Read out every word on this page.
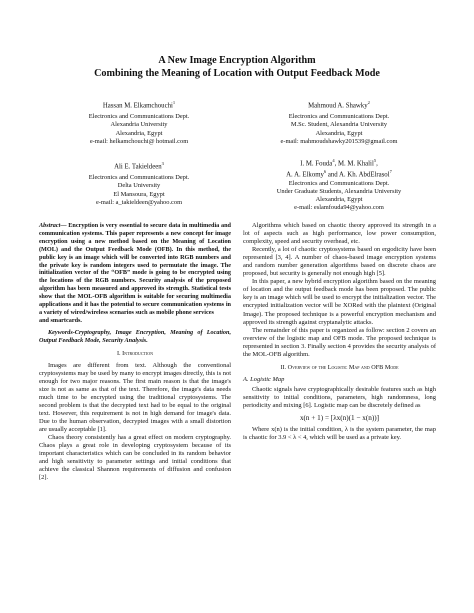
A New Image Encryption Algorithm
Combining the Meaning of Location with Output Feedback Mode
Hassan M. Elkamchouchi$^1$
Electronics and Communications Dept.
Alexandria University
Alexandria, Egypt
e-mail: helkamchouchi@ hotmail.com
Mahmoud A. Shawky$^2$
Electronics and Communications Dept.
M.Sc. Student, Alexandria University
Alexandria, Egypt
e-mail: mahmoudshawky201539@gmail.com
Ali E. Takieldeen$^3$
Electronics and Communications Dept.
Delta University
El Mansoura, Egypt
e-mail: a_takieldeen@yahoo.com
I. M. Fouda$^4$, M. M. Khalil$^5$,
A. A. Elkomy$^6$ and A. Kh. AbdElrasol$^7$
Electronics and Communications Dept.
Under Graduate Students, Alexandria University
Alexandria, Egypt
e-mail: eslamfouda94@yahoo.com

Abstract— Encryption is very essential to secure data in multimedia and communication systems. This paper represents a new concept for image encryption using a new method based on the Meaning of Location (MOL) and the Output Feedback Mode (OFB). In this method, the public key is an image which will be converted into RGB numbers and the private key is random integers used to permutate the image. The initialization vector of the “OFB” mode is going to be encrypted using the locations of the RGB numbers. Security analysis of the proposed algorithm has been measured and approved its strength. Statistical tests show that the MOL-OFB algorithm is suitable for securing multimedia applications and it has the potential to secure communication systems in a variety of wired/wireless scenarios such as mobile phone services

and smartcards.

Keywords-Cryptography, Image Encryption, Meaning of Location, Output Feedback Mode, Security Analysis.

I. Introduction

Images are different from text. Although the conventional cryptosystems may be used by many to encrypt images directly, this is not enough for two major reasons. The first main reason is that the image's size is not as same as that of the text. Therefore, the image's data needs much time to be encrypted using the traditional cryptosystems. The second problem is that the decrypted text had to be equal to the original text. However, this requirement is not in high demand for image's data. Due to the human observation, decrypted images with a small distortion are usually acceptable [1].

Chaos theory consistently has a great effect on modern cryptography. Chaos plays a great role in developing cryptosystem because of its important characteristics which can be concluded in its random behavior and high sensitivity to parameter settings and initial conditions that achieve the classical Shannon requirements of diffusion and confusion [2].

Algorithms which based on chaotic theory approved its strength in a lot of aspects such as high performance, low power consumption, complexity, speed and security overhead, etc.

Recently, a lot of chaotic cryptosystems based on ergodicity have been represented [3, 4]. A number of chaos-based image encryption systems and random number generation algorithms based on discrete chaos are proposed, but security is generally not enough high [5].

In this paper, a new hybrid encryption algorithm based on the meaning of location and the output feedback mode has been proposed. The public key is an image which will be used to encrypt the initialization vector. The encrypted initialization vector will be XORed with the plaintext (Original Image). The proposed technique is a powerful encryption mechanism and approved its strength against cryptanalytic attacks.

The remainder of this paper is organized as follow: section 2 covers an overview of the logistic map and OFB mode. The proposed technique is represented in section 3. Finally section 4 provides the security analysis of the MOL-OFB algorithm.

II. Overview of the Logistic Map and OFB Mode

A. Logistic Map

Chaotic signals have cryptographically desirable features such as high sensitivity to initial conditions, parameters, high randomness, long periodicity and mixing [6]. Logistic map can be discretely defined as

x(n + 1) = [λx(n)(1 − x(n))]

Where x(n) is the initial condition, λ is the system parameter, the map is chaotic for 3.9 < λ < 4, which will be used as a private key.
